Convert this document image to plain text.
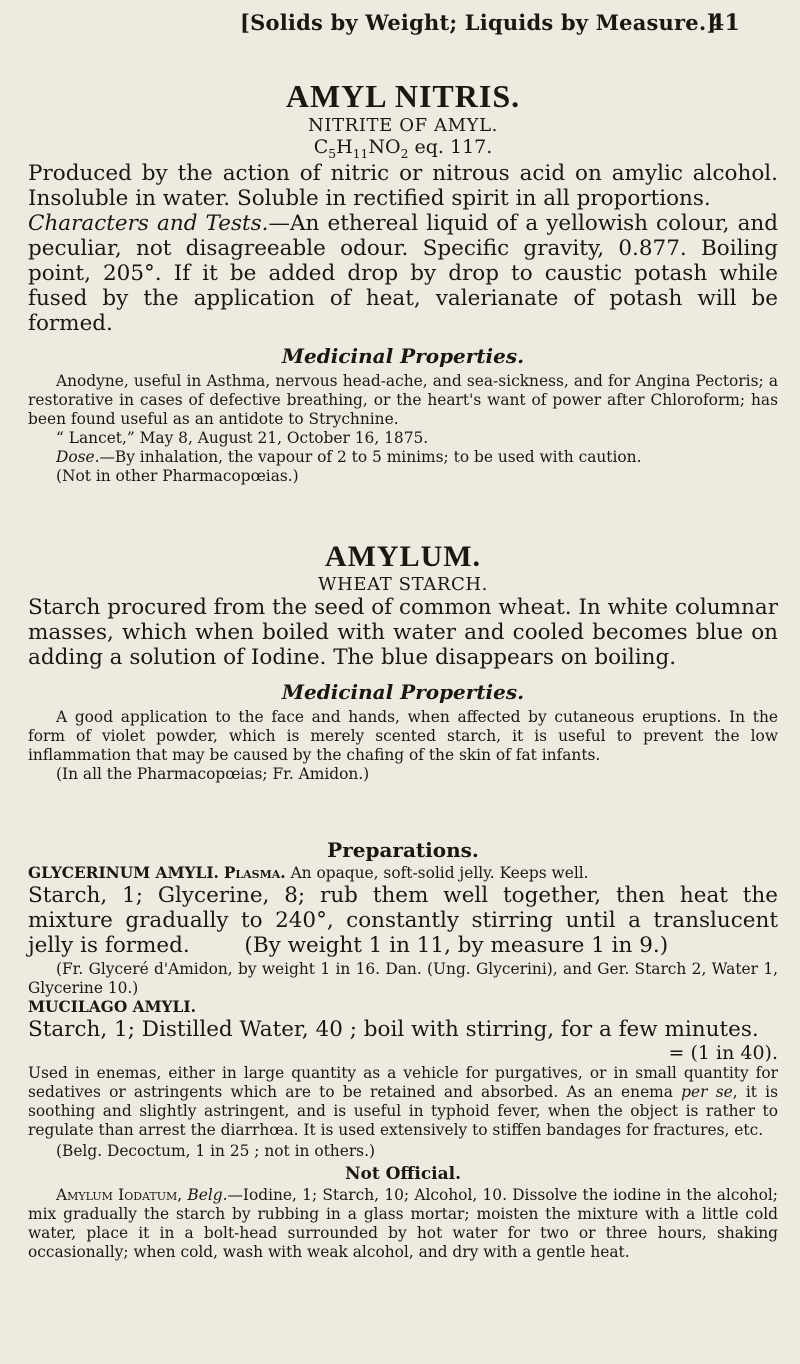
[Solids by Weight; Liquids by Measure.]
41
AMYL NITRIS.
NITRITE OF AMYL.
$C_5H_{11}NO_2$ eq. 117.

Produced by the action of nitric or nitrous acid on amylic alcohol. Insoluble in water. Soluble in rectified spirit in all proportions.

Characters and Tests.—An ethereal liquid of a yellowish colour, and peculiar, not disagreeable odour. Specific gravity, 0.877. Boiling point, 205°. If it be added drop by drop to caustic potash while fused by the application of heat, valerianate of potash will be formed.

Medicinal Properties.

Anodyne, useful in Asthma, nervous head-ache, and sea-sickness, and for Angina Pectoris; a restorative in cases of defective breathing, or the heart's want of power after Chloroform; has been found useful as an antidote to Strychnine.

“ Lancet,” May 8, August 21, October 16, 1875.

Dose.—By inhalation, the vapour of 2 to 5 minims; to be used with caution.

(Not in other Pharmacopœias.)

AMYLUM.
WHEAT STARCH.

Starch procured from the seed of common wheat. In white columnar masses, which when boiled with water and cooled becomes blue on adding a solution of Iodine. The blue disappears on boiling.

Medicinal Properties.

A good application to the face and hands, when affected by cutaneous eruptions. In the form of violet powder, which is merely scented starch, it is useful to prevent the low inflammation that may be caused by the chafing of the skin of fat infants.

(In all the Pharmacopœias; Fr. Amidon.)

Preparations.

GLYCERINUM AMYLI. Plasma. An opaque, soft-solid jelly. Keeps well.

Starch, 1; Glycerine, 8; rub them well together, then heat the mixture gradually to 240°, constantly stirring until a translucent jelly is formed.        (By weight 1 in 11, by measure 1 in 9.)

(Fr. Glyceré d'Amidon, by weight 1 in 16. Dan. (Ung. Glycerini), and Ger. Starch 2, Water 1, Glycerine 10.)

MUCILAGO AMYLI.

Starch, 1; Distilled Water, 40 ; boil with stirring, for a few minutes.

= (1 in 40).

Used in enemas, either in large quantity as a vehicle for purgatives, or in small quantity for sedatives or astringents which are to be retained and absorbed. As an enema per se, it is soothing and slightly astringent, and is useful in typhoid fever, when the object is rather to regulate than arrest the diarrhœa. It is used extensively to stiffen bandages for fractures, etc.

(Belg. Decoctum, 1 in 25 ; not in others.)

Not Official.

Amylum Iodatum, Belg.—Iodine, 1; Starch, 10; Alcohol, 10. Dissolve the iodine in the alcohol; mix gradually the starch by rubbing in a glass mortar; moisten the mixture with a little cold water, place it in a bolt-head surrounded by hot water for two or three hours, shaking occasionally; when cold, wash with weak alcohol, and dry with a gentle heat.
